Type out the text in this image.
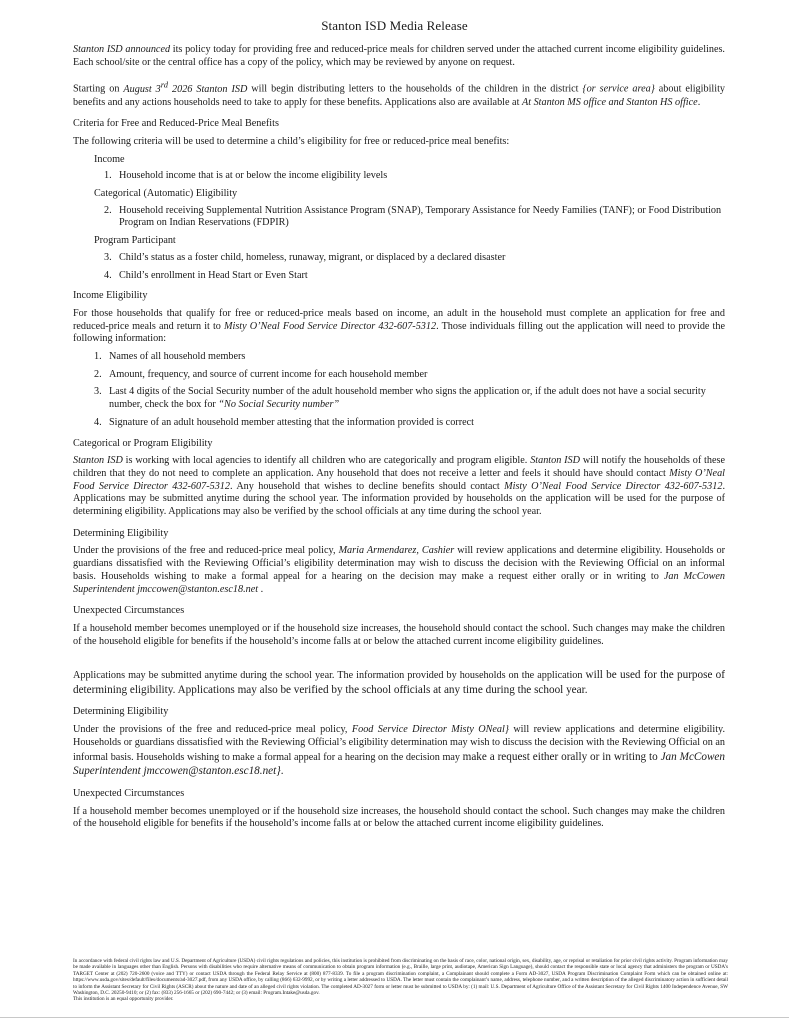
Stanton ISD Media Release

Stanton ISD announced its policy today for providing free and reduced-price meals for children served under the attached current income eligibility guidelines. Each school/site or the central office has a copy of the policy, which may be reviewed by anyone on request.

Starting on August 3rd 2026 Stanton ISD will begin distributing letters to the households of the children in the district {or service area} about eligibility benefits and any actions households need to take to apply for these benefits. Applications also are available at At Stanton MS office and Stanton HS office.

Criteria for Free and Reduced-Price Meal Benefits

The following criteria will be used to determine a child’s eligibility for free or reduced-price meal benefits:

Income
1. Household income that is at or below the income eligibility levels
Categorical (Automatic) Eligibility
2. Household receiving Supplemental Nutrition Assistance Program (SNAP), Temporary Assistance for Needy Families (TANF); or Food Distribution Program on Indian Reservations (FDPIR)
Program Participant
3. Child’s status as a foster child, homeless, runaway, migrant, or displaced by a declared disaster
4. Child’s enrollment in Head Start or Even Start
Income Eligibility

For those households that qualify for free or reduced-price meals based on income, an adult in the household must complete an application for free and reduced-price meals and return it to Misty O’Neal Food Service Director 432-607-5312. Those individuals filling out the application will need to provide the following information:

1. Names of all household members
2. Amount, frequency, and source of current income for each household member
3. Last 4 digits of the Social Security number of the adult household member who signs the application or, if the adult does not have a social security number, check the box for “No Social Security number”
4. Signature of an adult household member attesting that the information provided is correct
Categorical or Program Eligibility

Stanton ISD is working with local agencies to identify all children who are categorically and program eligible. Stanton ISD will notify the households of these children that they do not need to complete an application. Any household that does not receive a letter and feels it should have should contact Misty O’Neal Food Service Director 432-607-5312. Any household that wishes to decline benefits should contact Misty O’Neal Food Service Director 432-607-5312. Applications may be submitted anytime during the school year. The information provided by households on the application will be used for the purpose of determining eligibility. Applications may also be verified by the school officials at any time during the school year.

Determining Eligibility

Under the provisions of the free and reduced-price meal policy, Maria Armendarez, Cashier will review applications and determine eligibility. Households or guardians dissatisfied with the Reviewing Official’s eligibility determination may wish to discuss the decision with the Reviewing Official on an informal basis. Households wishing to make a formal appeal for a hearing on the decision may make a request either orally or in writing to Jan McCowen Superintendent jmccowen@stanton.esc18.net .

Unexpected Circumstances

If a household member becomes unemployed or if the household size increases, the household should contact the school. Such changes may make the children of the household eligible for benefits if the household’s income falls at or below the attached current income eligibility guidelines.

Applications may be submitted anytime during the school year. The information provided by households on the application will be used for the purpose of determining eligibility. Applications may also be verified by the school officials at any time during the school year.

Determining Eligibility

Under the provisions of the free and reduced-price meal policy, Food Service Director Misty ONeal} will review applications and determine eligibility. Households or guardians dissatisfied with the Reviewing Official’s eligibility determination may wish to discuss the decision with the Reviewing Official on an informal basis. Households wishing to make a formal appeal for a hearing on the decision may make a request either orally or in writing to Jan McCowen Superintendent jmccowen@stanton.esc18.net}.

Unexpected Circumstances

If a household member becomes unemployed or if the household size increases, the household should contact the school. Such changes may make the children of the household eligible for benefits if the household’s income falls at or below the attached current income eligibility guidelines.

In accordance with federal civil rights law and U.S. Department of Agriculture (USDA) civil rights regulations and policies, this institution is prohibited from discriminating on the basis of race, color, national origin, sex, disability, age, or reprisal or retaliation for prior civil rights activity. Program information may be made available in languages other than English. Persons with disabilities who require alternative means of communication to obtain program information (e.g., Braille, large print, audiotape, American Sign Language), should contact the responsible state or local agency that administers the program or USDA’s TARGET Center at (202) 720-2600 (voice and TTY) or contact USDA through the Federal Relay Service at (800) 877-8339. To file a program discrimination complaint, a Complainant should complete a Form AD-3027, USDA Program Discrimination Complaint Form which can be obtained online at: https://www.usda.gov/sites/default/files/documents/ad-3027.pdf, from any USDA office, by calling (866) 632-9992, or by writing a letter addressed to USDA. The letter must contain the complainant’s name, address, telephone number, and a written description of the alleged discriminatory action in sufficient detail to inform the Assistant Secretary for Civil Rights (ASCR) about the nature and date of an alleged civil rights violation. The completed AD-3027 form or letter must be submitted to USDA by: (1) mail: U.S. Department of Agriculture Office of the Assistant Secretary for Civil Rights 1400 Independence Avenue, SW Washington, D.C. 20250-9410; or (2) fax: (833) 256-1665 or (202) 690-7442; or (3) email: Program.Intake@usda.gov.
This institution is an equal opportunity provider.
